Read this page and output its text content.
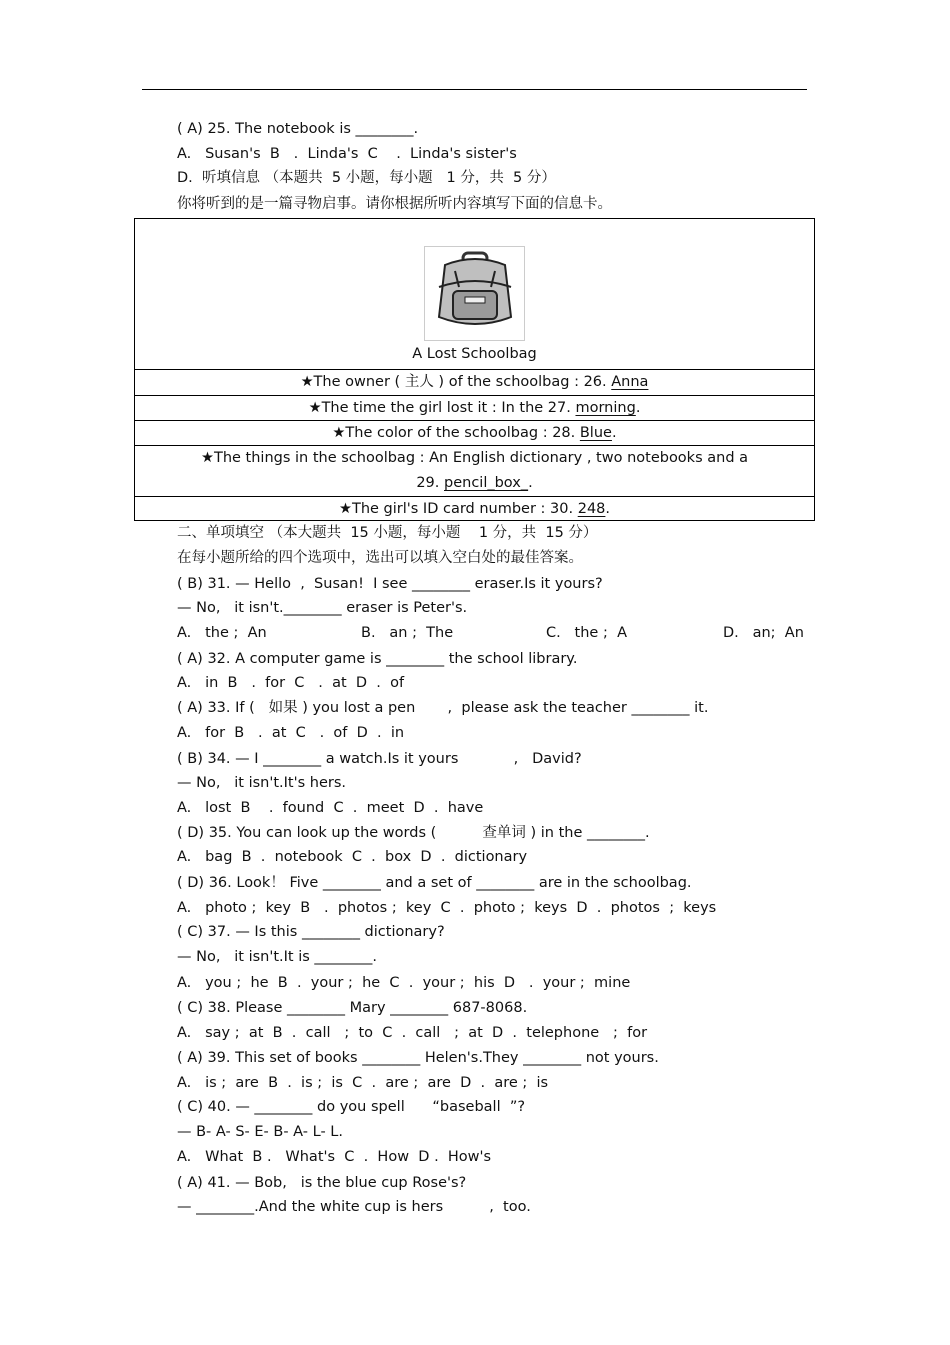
( A) 25. The notebook is ________.
A.   Susan's  B   .  Linda's  C    .  Linda's sister's
D.  听填信息 （本题共  5 小题，每小题   1 分，共  5 分）
你将听到的是一篇寻物启事。请你根据所听内容填写下面的信息卡。
A Lost Schoolbag
★The owner ( 主人 ) of the schoolbag : 26. Anna
★The time the girl lost it : In the 27. morning.
★The color of the schoolbag : 28. Blue.
★The things in the schoolbag : An English dictionary , two notebooks and a
29. pencil_box_.
★The girl's ID card number : 30. 248.
二、单项填空 （本大题共  15 小题，每小题    1 分，共  15 分）
在每小题所给的四个选项中，选出可以填入空白处的最佳答案。
( B) 31. — Hello  ,  Susan!  I see ________ eraser.Is it yours?
— No,   it isn't.________ eraser is Peter's.
A.   the ;  An	B.   an ;  The	C.   the ;  A	D.   an;  An
( A) 32. A computer game is ________ the school library.
A.   in  B   .  for  C   .  at  D  .  of
( A) 33. If (   如果 ) you lost a pen       ,  please ask the teacher ________ it.
A.   for  B   .  at  C   .  of  D  .  in
( B) 34. — I ________ a watch.Is it yours            ,   David?
— No,   it isn't.It's hers.
A.   lost  B    .  found  C  .  meet  D  .  have
( D) 35. You can look up the words (          查单词 ) in the ________.
A.   bag  B  .  notebook  C  .  box  D  .  dictionary
( D) 36. Look！ Five ________ and a set of ________ are in the schoolbag.
A.   photo ;  key  B   .  photos ;  key  C  .  photo ;  keys  D  .  photos  ;  keys
( C) 37. — Is this ________ dictionary?
— No,   it isn't.It is ________.
A.   you ;  he  B  .  your ;  he  C  .  your ;  his  D   .  your ;  mine
( C) 38. Please ________ Mary ________ 687-8068.
A.   say ;  at  B  .  call   ;  to  C  .  call   ;  at  D  .  telephone   ;  for
( A) 39. This set of books ________ Helen's.They ________ not yours.
A.   is ;  are  B  .  is ;  is  C  .  are ;  are  D  .  are ;  is
( C) 40. — ________ do you spell      “baseball  ”?
— B- A- S- E- B- A- L- L.
A.   What  B .   What's  C  .  How  D .  How's
( A) 41. — Bob,   is the blue cup Rose's?
— ________.And the white cup is hers          ,  too.
